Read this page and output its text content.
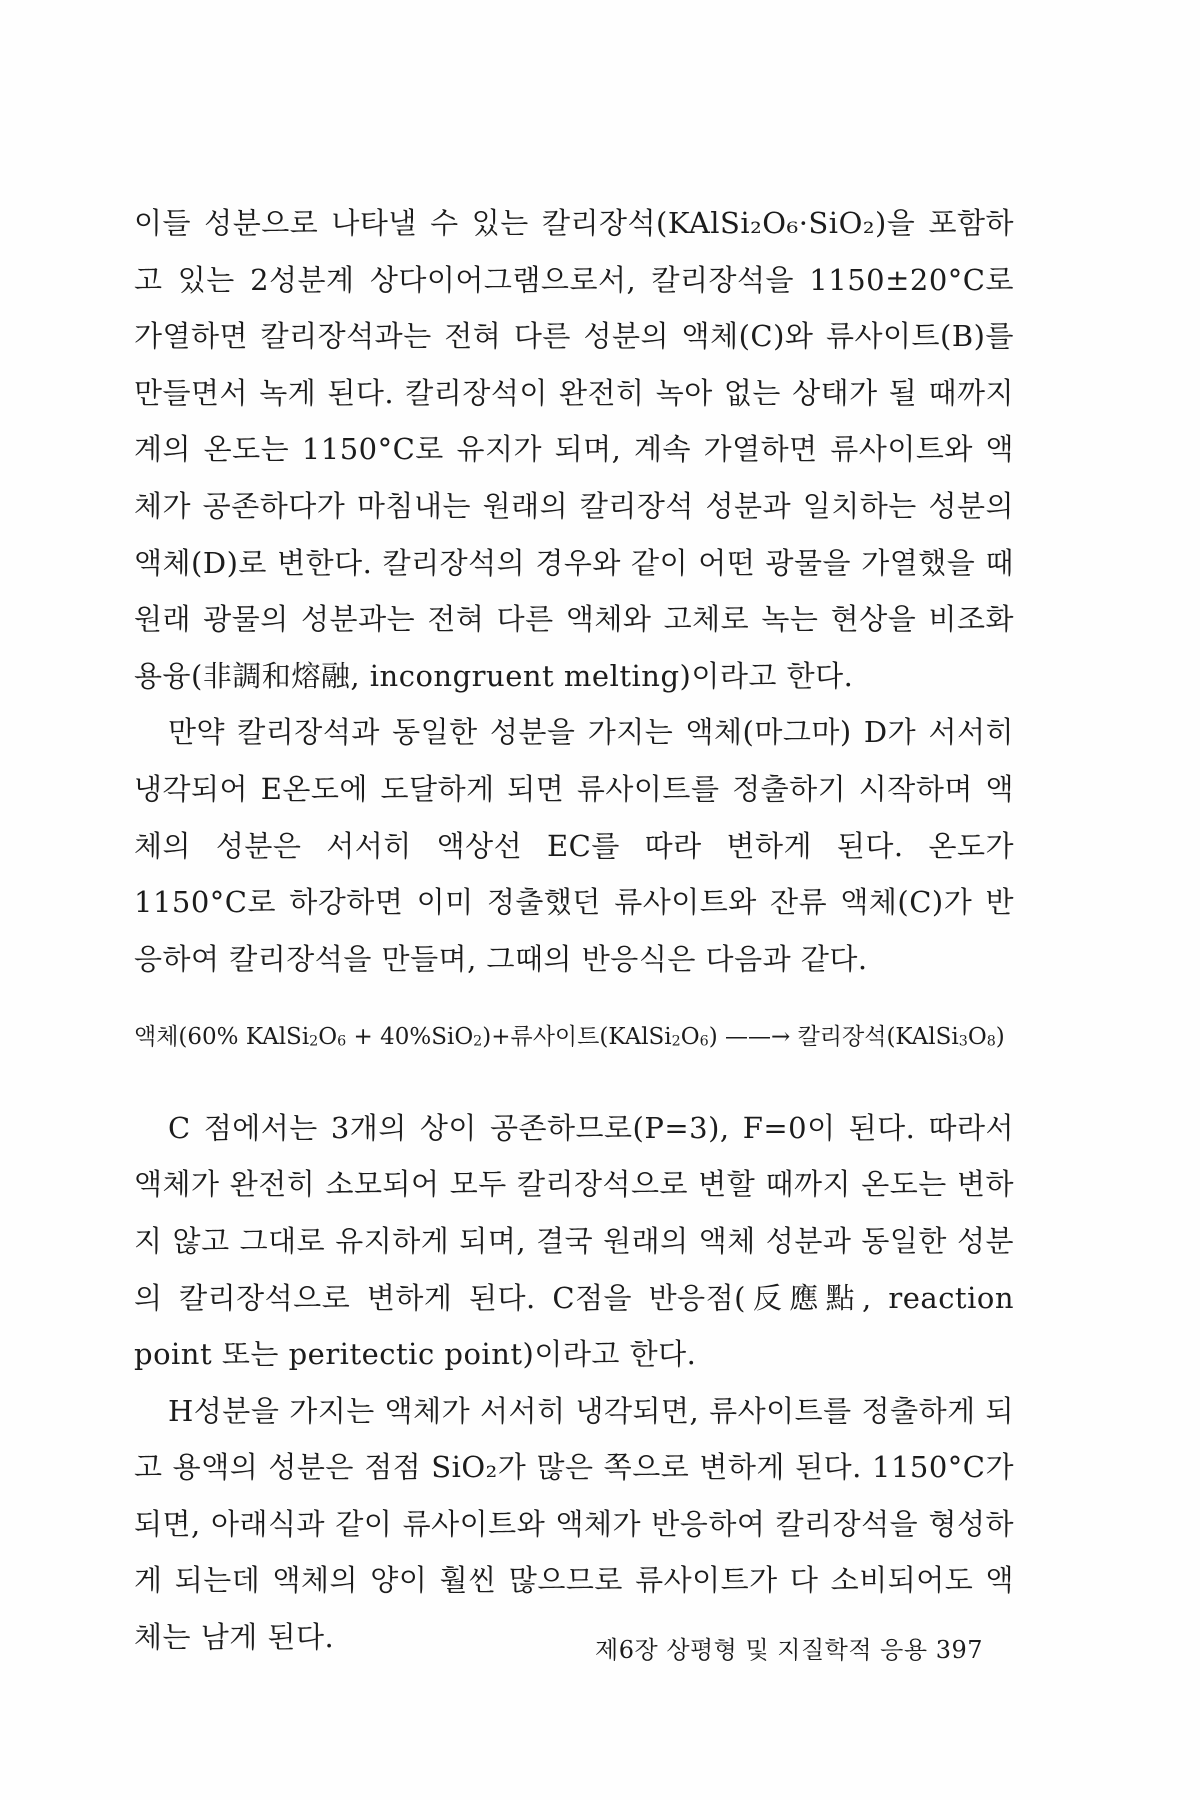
이들 성분으로 나타낼 수 있는 칼리장석(KAlSi₂O₆·SiO₂)을 포함하고 있는 2성분계 상다이어그램으로서, 칼리장석을 1150±20°C로 가열하면 칼리장석과는 전혀 다른 성분의 액체(C)와 류사이트(B)를 만들면서 녹게 된다. 칼리장석이 완전히 녹아 없는 상태가 될 때까지 계의 온도는 1150°C로 유지가 되며, 계속 가열하면 류사이트와 액체가 공존하다가 마침내는 원래의 칼리장석 성분과 일치하는 성분의 액체(D)로 변한다. 칼리장석의 경우와 같이 어떤 광물을 가열했을 때 원래 광물의 성분과는 전혀 다른 액체와 고체로 녹는 현상을 비조화용융(非調和熔融, incongruent melting)이라고 한다.

만약 칼리장석과 동일한 성분을 가지는 액체(마그마) D가 서서히 냉각되어 E온도에 도달하게 되면 류사이트를 정출하기 시작하며 액체의 성분은 서서히 액상선 EC를 따라 변하게 된다. 온도가 1150°C로 하강하면 이미 정출했던 류사이트와 잔류 액체(C)가 반응하여 칼리장석을 만들며, 그때의 반응식은 다음과 같다.

액체(60% KAlSi2O6 + 40%SiO2)+류사이트(KAlSi2O6) ——→ 칼리장석(KAlSi3O8)

C 점에서는 3개의 상이 공존하므로(P=3), F=0이 된다. 따라서 액체가 완전히 소모되어 모두 칼리장석으로 변할 때까지 온도는 변하지 않고 그대로 유지하게 되며, 결국 원래의 액체 성분과 동일한 성분의 칼리장석으로 변하게 된다. C점을 반응점(反應點, reaction point 또는 peritectic point)이라고 한다.

H성분을 가지는 액체가 서서히 냉각되면, 류사이트를 정출하게 되고 용액의 성분은 점점 SiO₂가 많은 쪽으로 변하게 된다. 1150°C가 되면, 아래식과 같이 류사이트와 액체가 반응하여 칼리장석을 형성하게 되는데 액체의 양이 훨씬 많으므로 류사이트가 다 소비되어도 액체는 남게 된다.	제6장 상평형 및 지질학적 응용 397
